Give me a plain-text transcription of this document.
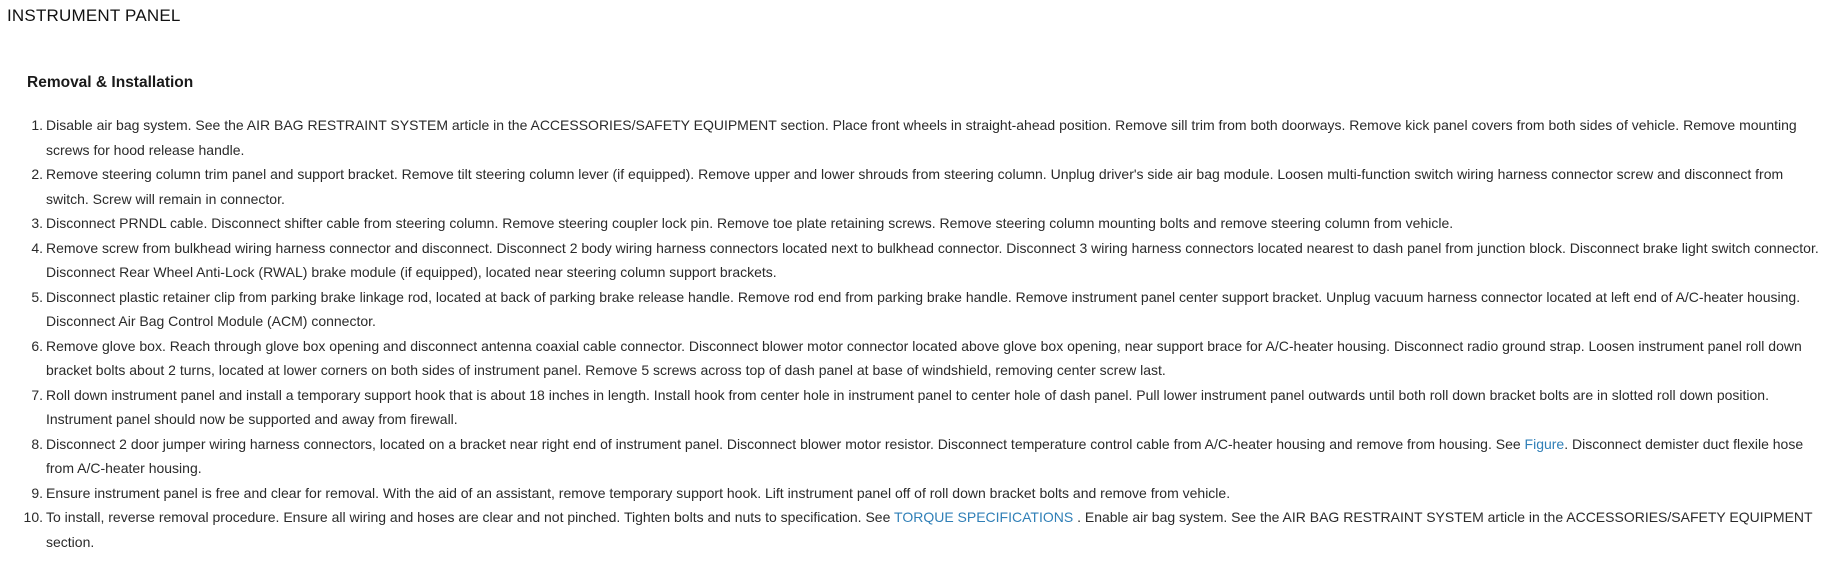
INSTRUMENT PANEL
Removal & Installation
1. Disable air bag system. See the AIR BAG RESTRAINT SYSTEM article in the ACCESSORIES/SAFETY EQUIPMENT section. Place front wheels in straight-ahead position. Remove sill trim from both doorways. Remove kick panel covers from both sides of vehicle. Remove mounting screws for hood release handle.
2. Remove steering column trim panel and support bracket. Remove tilt steering column lever (if equipped). Remove upper and lower shrouds from steering column. Unplug driver's side air bag module. Loosen multi-function switch wiring harness connector screw and disconnect from switch. Screw will remain in connector.
3. Disconnect PRNDL cable. Disconnect shifter cable from steering column. Remove steering coupler lock pin. Remove toe plate retaining screws. Remove steering column mounting bolts and remove steering column from vehicle.
4. Remove screw from bulkhead wiring harness connector and disconnect. Disconnect 2 body wiring harness connectors located next to bulkhead connector. Disconnect 3 wiring harness connectors located nearest to dash panel from junction block. Disconnect brake light switch connector. Disconnect Rear Wheel Anti-Lock (RWAL) brake module (if equipped), located near steering column support brackets.
5. Disconnect plastic retainer clip from parking brake linkage rod, located at back of parking brake release handle. Remove rod end from parking brake handle. Remove instrument panel center support bracket. Unplug vacuum harness connector located at left end of A/C-heater housing. Disconnect Air Bag Control Module (ACM) connector.
6. Remove glove box. Reach through glove box opening and disconnect antenna coaxial cable connector. Disconnect blower motor connector located above glove box opening, near support brace for A/C-heater housing. Disconnect radio ground strap. Loosen instrument panel roll down bracket bolts about 2 turns, located at lower corners on both sides of instrument panel. Remove 5 screws across top of dash panel at base of windshield, removing center screw last.
7. Roll down instrument panel and install a temporary support hook that is about 18 inches in length. Install hook from center hole in instrument panel to center hole of dash panel. Pull lower instrument panel outwards until both roll down bracket bolts are in slotted roll down position. Instrument panel should now be supported and away from firewall.
8. Disconnect 2 door jumper wiring harness connectors, located on a bracket near right end of instrument panel. Disconnect blower motor resistor. Disconnect temperature control cable from A/C-heater housing and remove from housing. See Figure. Disconnect demister duct flexile hose from A/C-heater housing.
9. Ensure instrument panel is free and clear for removal. With the aid of an assistant, remove temporary support hook. Lift instrument panel off of roll down bracket bolts and remove from vehicle.
10. To install, reverse removal procedure. Ensure all wiring and hoses are clear and not pinched. Tighten bolts and nuts to specification. See TORQUE SPECIFICATIONS . Enable air bag system. See the AIR BAG RESTRAINT SYSTEM article in the ACCESSORIES/SAFETY EQUIPMENT section.
